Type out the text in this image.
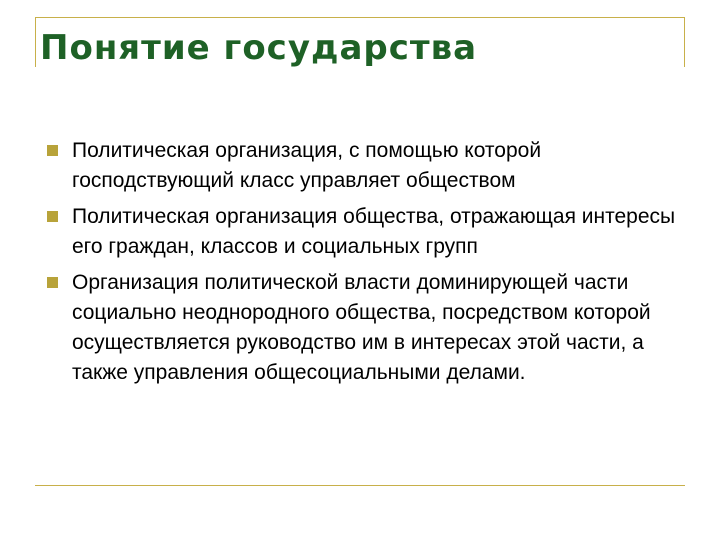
Понятие государства
Политическая организация, с помощью которой господствующий класс управляет обществом
Политическая организация общества, отражающая интересы его граждан, классов и социальных групп
Организация политической власти доминирующей части социально неоднородного общества, посредством которой осуществляется руководство им в интересах этой части, а также управления общесоциальными делами.
